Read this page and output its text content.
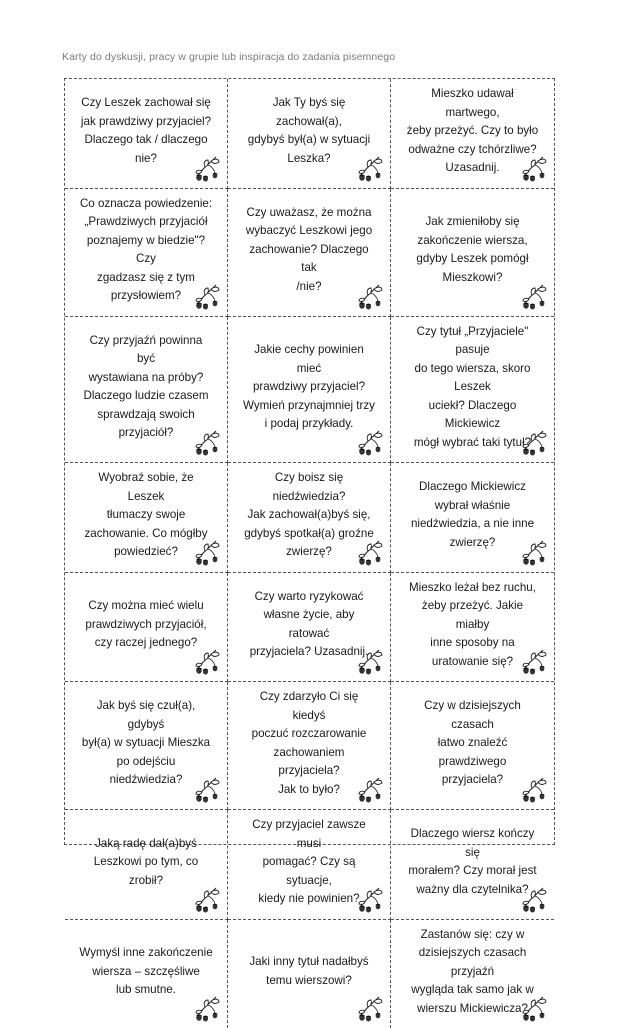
Karty do dyskusji, pracy w grupie lub inspiracja do zadania pisemnego
Czy Leszek zachował się
jak prawdziwy przyjaciel?
Dlaczego tak / dlaczego
nie?
Jak Ty byś się zachował(a),
gdybyś był(a) w sytuacji
Leszka?
Mieszko udawał martwego,
żeby przeżyć. Czy to było
odważne czy tchórzliwe?
Uzasadnij.
Co oznacza powiedzenie:
„Prawdziwych przyjaciół
poznajemy w biedzie"? Czy
zgadzasz się z tym
przysłowiem?
Czy uważasz, że można
wybaczyć Leszkowi jego
zachowanie? Dlaczego tak
/nie?
Jak zmieniłoby się
zakończenie wiersza,
gdyby Leszek pomógł
Mieszkowi?
Czy przyjaźń powinna być
wystawiana na próby?
Dlaczego ludzie czasem
sprawdzają swoich
przyjaciół?
Jakie cechy powinien mieć
prawdziwy przyjaciel?
Wymień przynajmniej trzy
i podaj przykłady.
Czy tytuł „Przyjaciele" pasuje
do tego wiersza, skoro Leszek
uciekł? Dlaczego Mickiewicz
mógł wybrać taki tytuł?
Wyobraź sobie, że Leszek
tłumaczy swoje
zachowanie. Co mógłby
powiedzieć?
Czy boisz się niedźwiedzia?
Jak zachował(a)byś się,
gdybyś spotkał(a) groźne
zwierzę?
Dlaczego Mickiewicz
wybrał właśnie
niedźwiedzia, a nie inne
zwierzę?
Czy można mieć wielu
prawdziwych przyjaciół,
czy raczej jednego?
Czy warto ryzykować
własne życie, aby ratować
przyjaciela? Uzasadnij.
Mieszko leżał bez ruchu,
żeby przeżyć. Jakie miałby
inne sposoby na
uratowanie się?
Jak byś się czuł(a), gdybyś
był(a) w sytuacji Mieszka
po odejściu niedźwiedzia?
Czy zdarzyło Ci się kiedyś
poczuć rozczarowanie
zachowaniem przyjaciela?
Jak to było?
Czy w dzisiejszych czasach
łatwo znaleźć prawdziwego
przyjaciela?
Jaką radę dał(a)byś
Leszkowi po tym, co
zrobił?
Czy przyjaciel zawsze musi
pomagać? Czy są sytuacje,
kiedy nie powinien?
Dlaczego wiersz kończy się
morałem? Czy morał jest
ważny dla czytelnika?
Wymyśl inne zakończenie
wiersza – szczęśliwe
lub smutne.
Jaki inny tytuł nadałbyś
temu wierszowi?
Zastanów się: czy w
dzisiejszych czasach przyjaźń
wygląda tak samo jak w
wierszu Mickiewicza?
